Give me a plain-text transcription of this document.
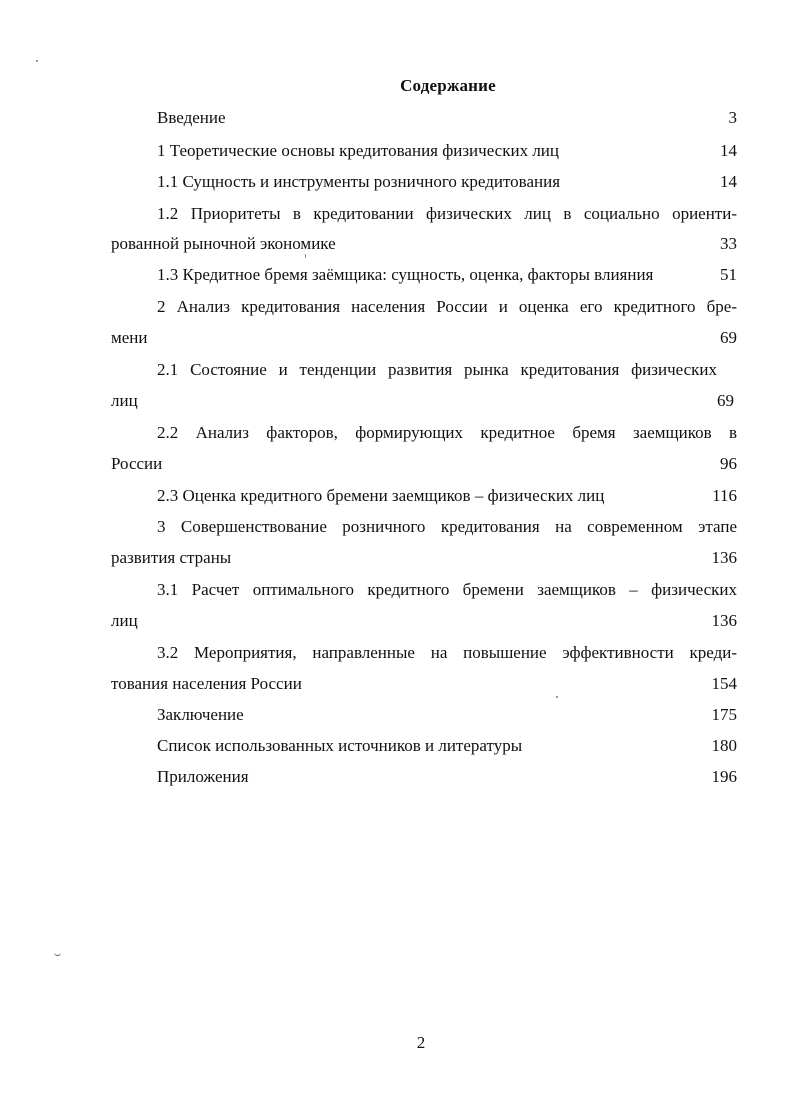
Содержание
Введение	3
1 Теоретические основы кредитования физических лиц	14
1.1 Сущность и инструменты розничного кредитования	14
1.2 Приоритеты в кредитовании физических лиц в социально ориенти-
рованной рыночной экономике	33
1.3 Кредитное бремя заёмщика: сущность, оценка, факторы влияния	51
2 Анализ кредитования населения России и оценка его кредитного бре-
мени	69
2.1 Состояние и тенденции развития рынка кредитования физических
лиц	69
2.2 Анализ факторов, формирующих кредитное бремя заемщиков в
России	96
2.3 Оценка кредитного бремени заемщиков – физических лиц	116
3 Совершенствование розничного кредитования на современном этапе
развития страны	136
3.1 Расчет оптимального кредитного бремени заемщиков – физических
лиц	136
3.2 Мероприятия, направленные на повышение эффективности креди-
тования населения России	154
Заключение	175
Список использованных источников и литературы	180
Приложения	196
2
